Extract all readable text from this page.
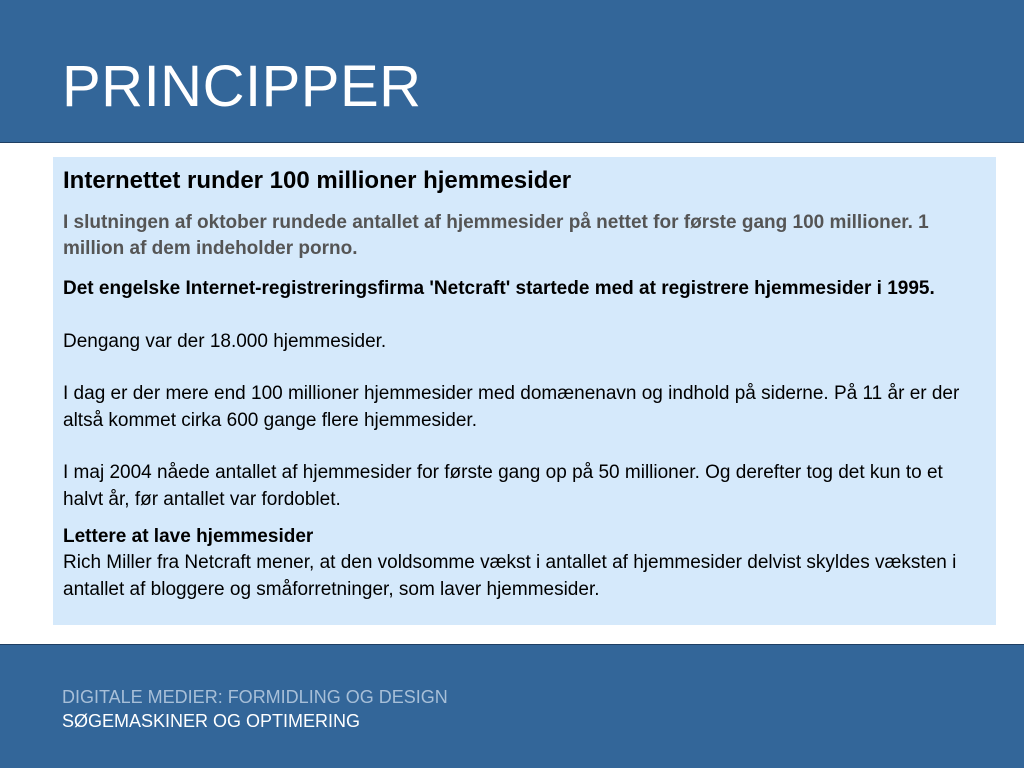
PRINCIPPER
Internettet runder 100 millioner hjemmesider
I slutningen af oktober rundede antallet af hjemmesider på nettet for første gang 100 millioner. 1 million af dem indeholder porno.
Det engelske Internet-registreringsfirma 'Netcraft' startede med at registrere hjemmesider i 1995.
Dengang var der 18.000 hjemmesider.
I dag er der mere end 100 millioner hjemmesider med domænenavn og indhold på siderne. På 11 år er der altså kommet cirka 600 gange flere hjemmesider.
I maj 2004 nåede antallet af hjemmesider for første gang op på 50 millioner. Og derefter tog det kun to et halvt år, før antallet var fordoblet.
Lettere at lave hjemmesider
Rich Miller fra Netcraft mener, at den voldsomme vækst i antallet af hjemmesider delvist skyldes væksten i antallet af bloggere og småforretninger, som laver hjemmesider.
DIGITALE MEDIER: FORMIDLING OG DESIGN
SØGEMASKINER OG OPTIMERING
